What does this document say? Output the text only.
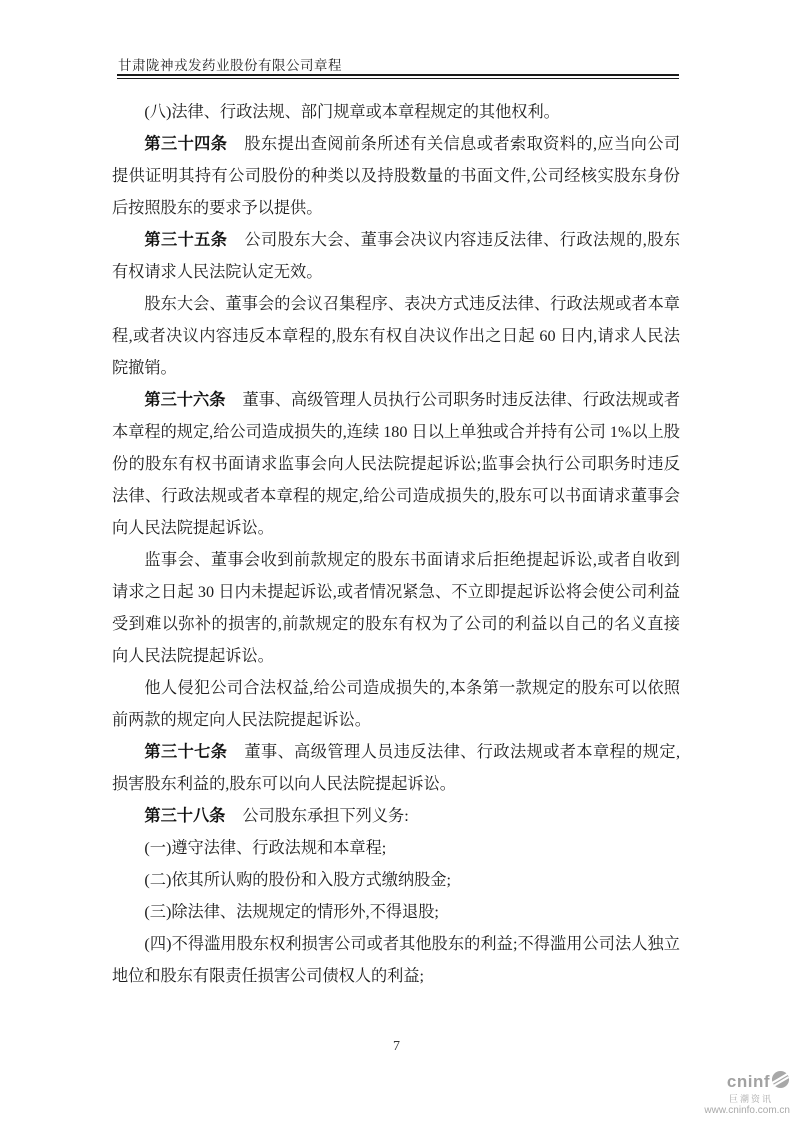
甘肃陇神戎发药业股份有限公司章程

(八)法律、行政法规、部门规章或本章程规定的其他权利。

第三十四条 股东提出查阅前条所述有关信息或者索取资料的,应当向公司提供证明其持有公司股份的种类以及持股数量的书面文件,公司经核实股东身份后按照股东的要求予以提供。

第三十五条 公司股东大会、董事会决议内容违反法律、行政法规的,股东有权请求人民法院认定无效。

股东大会、董事会的会议召集程序、表决方式违反法律、行政法规或者本章程,或者决议内容违反本章程的,股东有权自决议作出之日起 60 日内,请求人民法院撤销。

第三十六条 董事、高级管理人员执行公司职务时违反法律、行政法规或者本章程的规定,给公司造成损失的,连续 180 日以上单独或合并持有公司 1%以上股份的股东有权书面请求监事会向人民法院提起诉讼;监事会执行公司职务时违反法律、行政法规或者本章程的规定,给公司造成损失的,股东可以书面请求董事会向人民法院提起诉讼。

监事会、董事会收到前款规定的股东书面请求后拒绝提起诉讼,或者自收到请求之日起 30 日内未提起诉讼,或者情况紧急、不立即提起诉讼将会使公司利益受到难以弥补的损害的,前款规定的股东有权为了公司的利益以自己的名义直接向人民法院提起诉讼。

他人侵犯公司合法权益,给公司造成损失的,本条第一款规定的股东可以依照前两款的规定向人民法院提起诉讼。

第三十七条 董事、高级管理人员违反法律、行政法规或者本章程的规定,损害股东利益的,股东可以向人民法院提起诉讼。

第三十八条 公司股东承担下列义务:

(一)遵守法律、行政法规和本章程;

(二)依其所认购的股份和入股方式缴纳股金;

(三)除法律、法规规定的情形外,不得退股;

(四)不得滥用股东权利损害公司或者其他股东的利益;不得滥用公司法人独立地位和股东有限责任损害公司债权人的利益;

7
cninf
巨潮资讯
www.cninfo.com.cn
